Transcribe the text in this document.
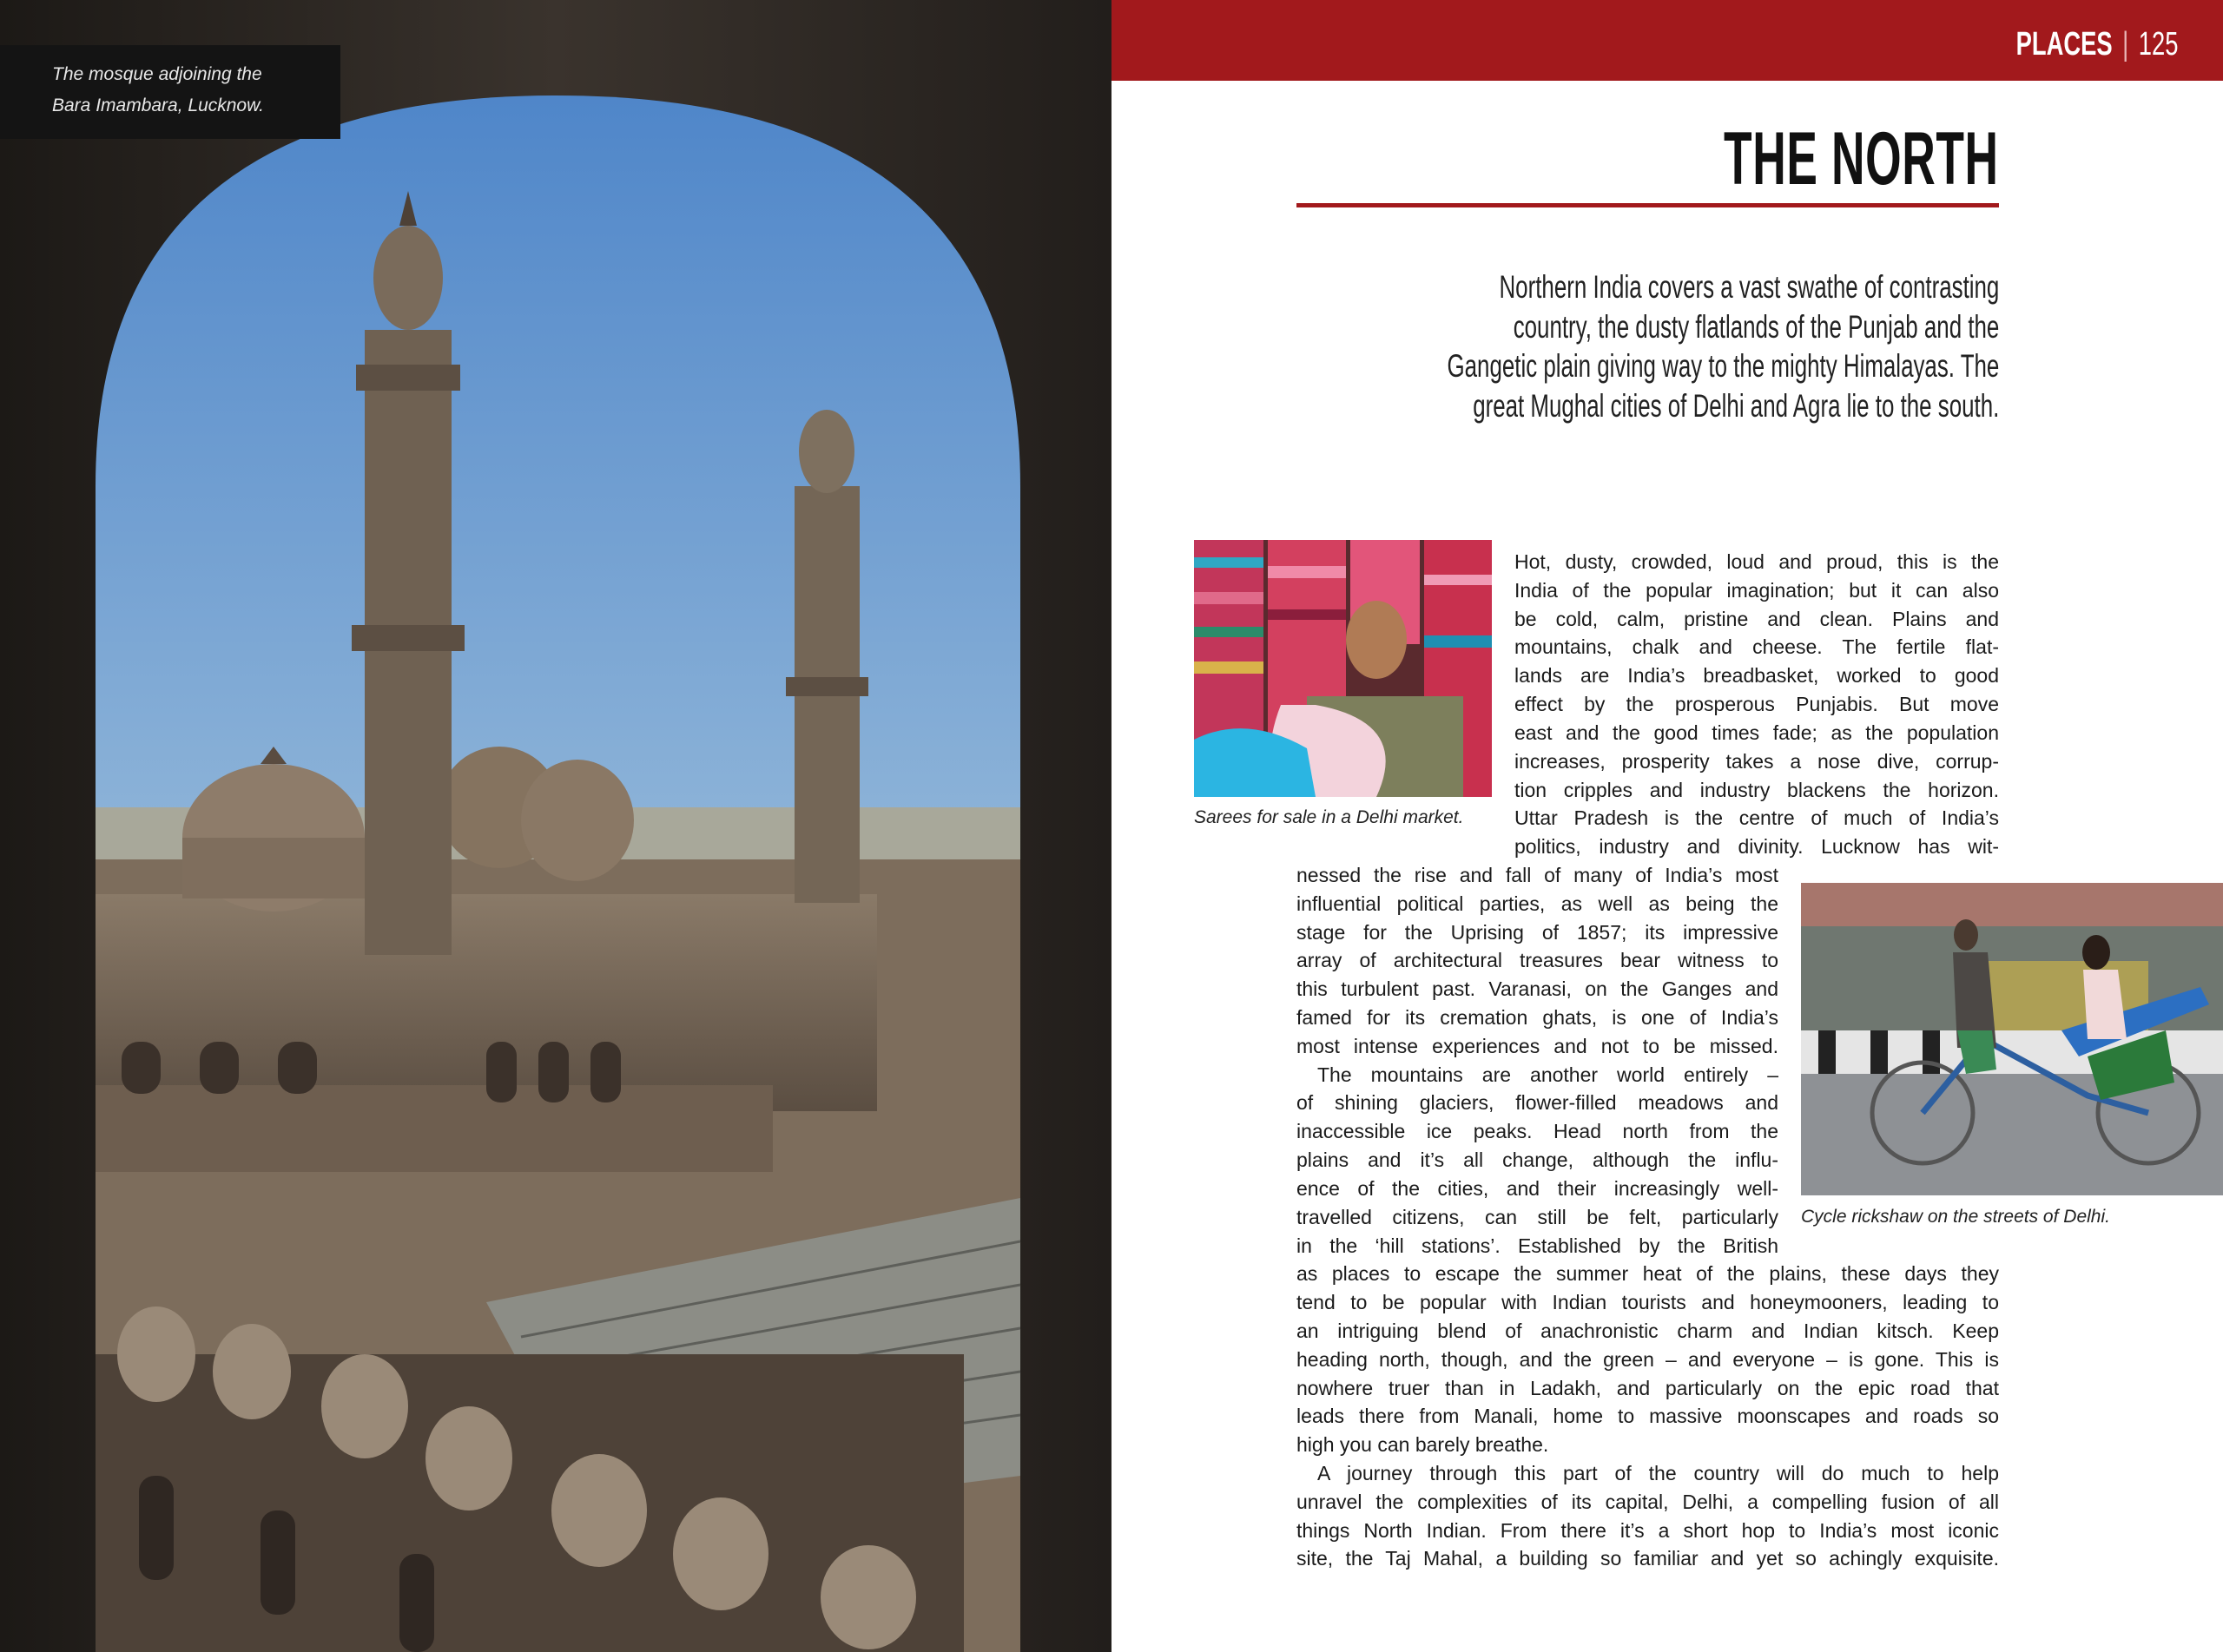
The mosque adjoining the
Bara Imambara, Lucknow.
PLACES | 125
THE NORTH
Northern India covers a vast swathe of contrasting
country, the dusty flatlands of the Punjab and the
Gangetic plain giving way to the mighty Himalayas. The
great Mughal cities of Delhi and Agra lie to the south.
Sarees for sale in a Delhi market.
Cycle rickshaw on the streets of Delhi.
Hot, dusty, crowded, loud and proud, this is the
India of the popular imagination; but it can also
be cold, calm, pristine and clean. Plains and
mountains, chalk and cheese. The fertile flat-
lands are India’s breadbasket, worked to good
effect by the prosperous Punjabis. But move
east and the good times fade; as the population
increases, prosperity takes a nose dive, corrup-
tion cripples and industry blackens the horizon.
Uttar Pradesh is the centre of much of India’s
politics, industry and divinity. Lucknow has wit-
nessed the rise and fall of many of India’s most
influential political parties, as well as being the
stage for the Uprising of 1857; its impressive
array of architectural treasures bear witness to
this turbulent past. Varanasi, on the Ganges and
famed for its cremation ghats, is one of India’s
most intense experiences and not to be missed.
The mountains are another world entirely –
of shining glaciers, flower-filled meadows and
inaccessible ice peaks. Head north from the
plains and it’s all change, although the influ-
ence of the cities, and their increasingly well-
travelled citizens, can still be felt, particularly
in the ‘hill stations’. Established by the British
as places to escape the summer heat of the plains, these days they
tend to be popular with Indian tourists and honeymooners, leading to
an intriguing blend of anachronistic charm and Indian kitsch. Keep
heading north, though, and the green – and everyone – is gone. This is
nowhere truer than in Ladakh, and particularly on the epic road that
leads there from Manali, home to massive moonscapes and roads so
high you can barely breathe.
A journey through this part of the country will do much to help
unravel the complexities of its capital, Delhi, a compelling fusion of all
things North Indian. From there it’s a short hop to India’s most iconic
site, the Taj Mahal, a building so familiar and yet so achingly exquisite.
